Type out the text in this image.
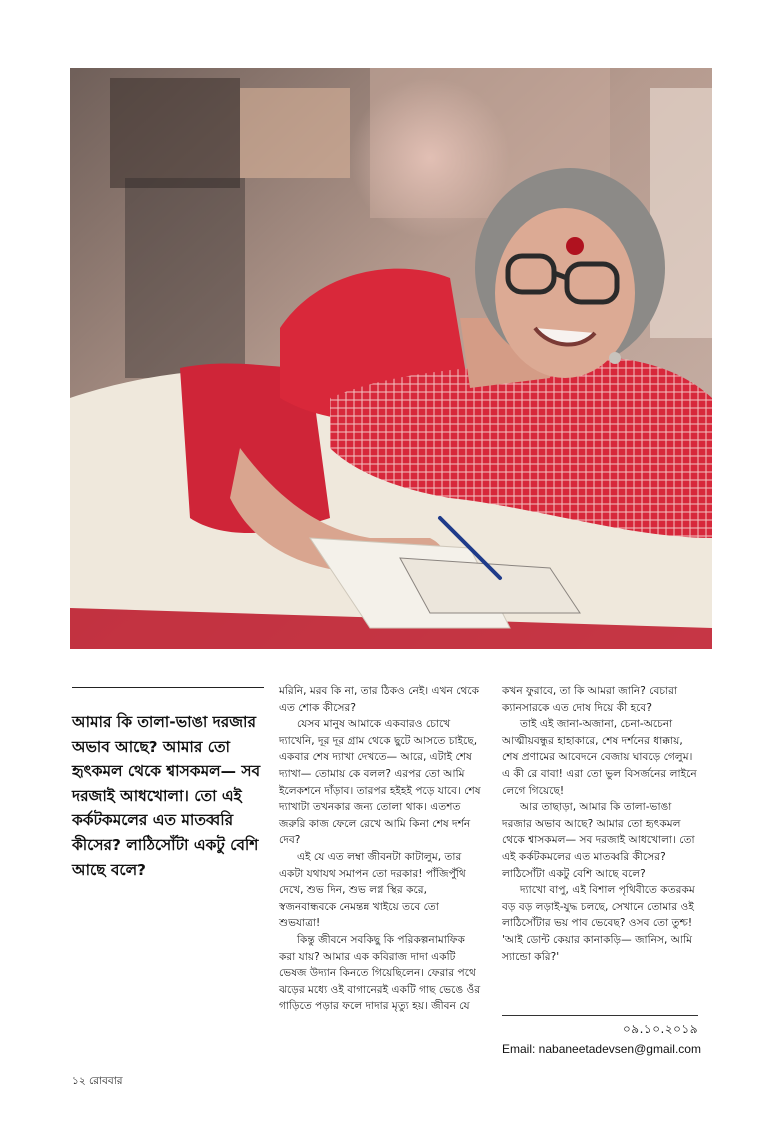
আমার কি তালা-ভাঙা দরজার অভাব আছে? আমার তো হৃৎকমল থেকে শ্বাসকমল— সব দরজাই আধখোলা। তো এই কর্কটকমলের এত মাতব্বরি কীসের? লাঠিসোঁটা একটু বেশি আছে বলে?

মরিনি, মরব কি না, তার ঠিকও নেই। এখন থেকে এত শোক কীসের?

যেসব মানুষ আমাকে একবারও চোখে দ্যাখেনি, দূর দূর গ্রাম থেকে ছুটে আসতে চাইছে, একবার শেষ দ্যাখা দেখতে— আরে, এটাই শেষ দ্যাখা— তোমায় কে বলল? এরপর তো আমি ইলেকশনে দাঁড়াব। তারপর হইহই পড়ে যাবে। শেষ দ্যাখাটা তখনকার জন্য তোলা থাক। এতশত জরুরি কাজ ফেলে রেখে আমি কিনা শেষ দর্শন দেব?

এই যে এত লম্বা জীবনটা কাটালুম, তার একটা যথাযথ সমাপন তো দরকার! পাঁজিপুঁথি দেখে, শুভ দিন, শুভ লগ্ন স্থির করে, স্বজনবান্ধবকে নেমন্তন্ন খাইয়ে তবে তো শুভযাত্রা!

কিন্তু জীবনে সবকিছু কি পরিকল্পনামাফিক করা যায়? আমার এক কবিরাজ দাদা একটি ভেষজ উদ্যান কিনতে গিয়েছিলেন। ফেরার পথে ঝড়ের মধ্যে ওই বাগানেরই একটি গাছ ভেঙে ওঁর গাড়িতে পড়ার ফলে দাদার মৃত্যু হয়। জীবন যে

কখন ফুরাবে, তা কি আমরা জানি? বেচারা ক্যানসারকে এত দোষ দিয়ে কী হবে?

তাই এই জানা-অজানা, চেনা-অচেনা আত্মীয়বন্ধুর হাহাকারে, শেষ দর্শনের ধাক্কায়, শেষ প্রণামের আবেদনে বেজায় ঘাবড়ে গেলুম। এ কী রে বাবা! এরা তো ভুল বিসর্জনের লাইনে লেগে গিয়েছে!

আর তাছাড়া, আমার কি তালা-ভাঙা দরজার অভাব আছে? আমার তো হৃৎকমল থেকে শ্বাসকমল— সব দরজাই আধখোলা। তো এই কর্কটকমলের এত মাতব্বরি কীসের? লাঠিসোঁটা একটু বেশি আছে বলে?

দ্যাখো বাপু, এই বিশাল পৃথিবীতে কতরকম বড় বড় লড়াই-যুদ্ধ চলছে, সেখানে তোমার ওই লাঠিসোঁটার ভয় পাব ভেবেছ? ওসব তো তুশ্চ! 'আই ডোন্ট কেয়ার কানাকড়ি— জানিস, আমি স্যান্ডো করি?'

০৯.১০.২০১৯
Email: nabaneetadevsen@gmail.com
১২ রোববার
